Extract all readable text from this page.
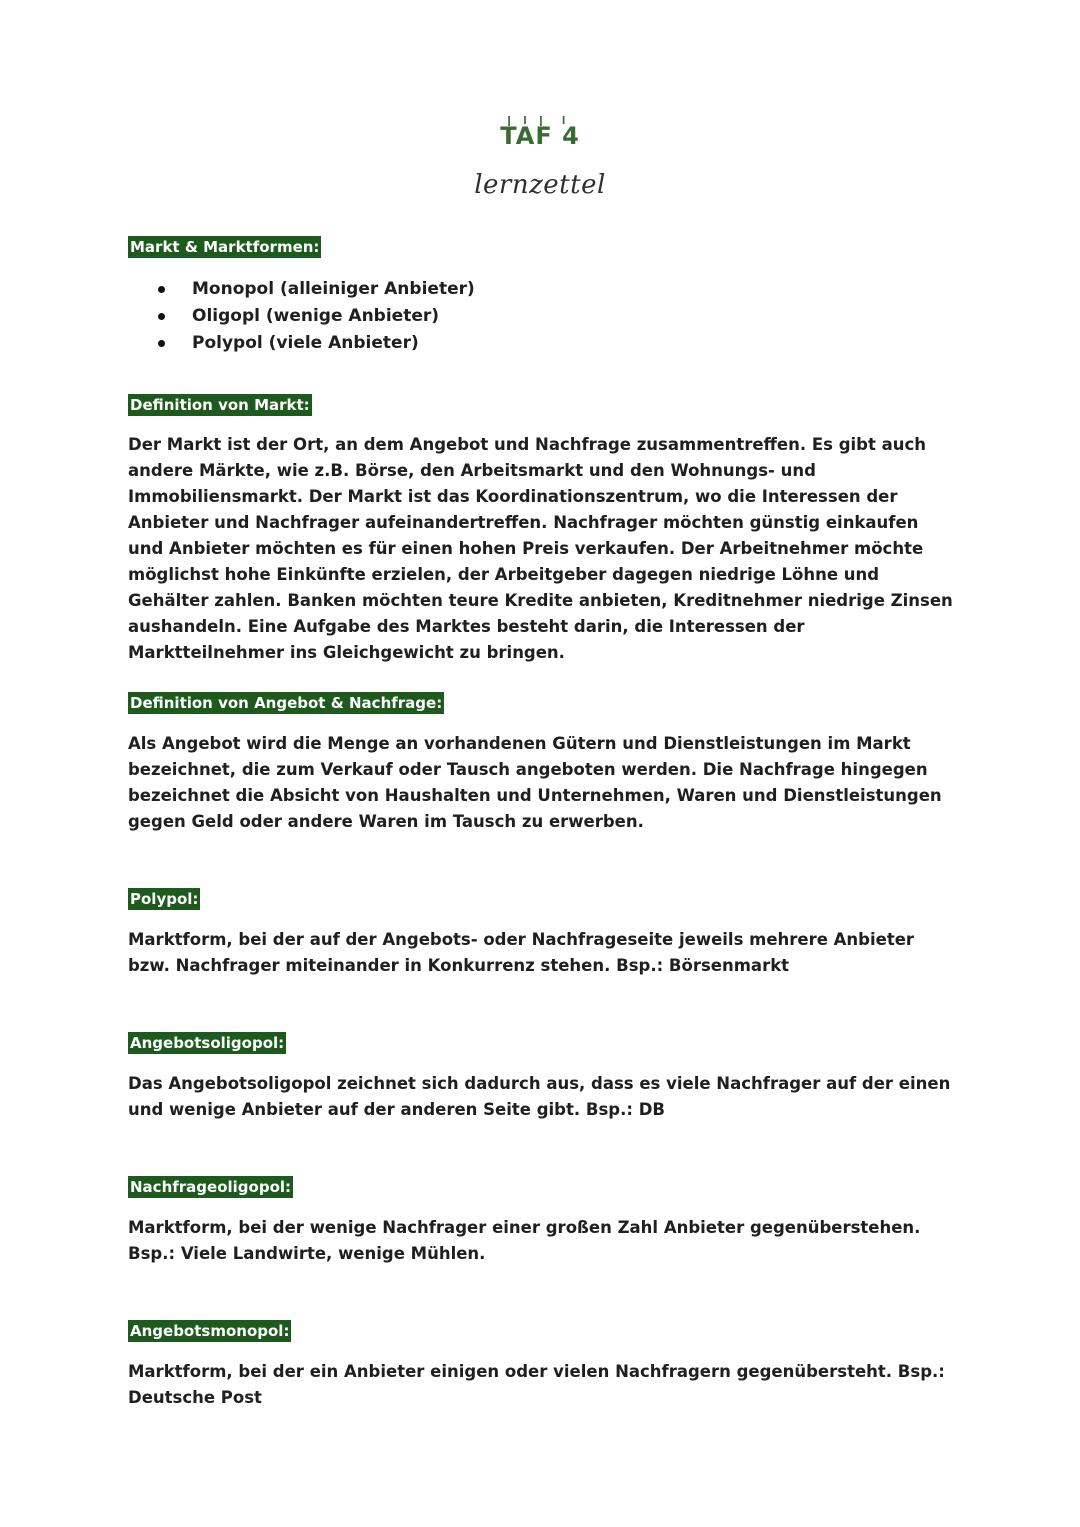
TAF 4
lernzettel
Markt & Marktformen:
Monopol (alleiniger Anbieter)
Oligopl (wenige Anbieter)
Polypol (viele Anbieter)
Definition von Markt:

Der Markt ist der Ort, an dem Angebot und Nachfrage zusammentreffen. Es gibt auch andere Märkte, wie z.B. Börse, den Arbeitsmarkt und den Wohnungs- und Immobiliensmarkt. Der Markt ist das Koordinationszentrum, wo die Interessen der Anbieter und Nachfrager aufeinandertreffen. Nachfrager möchten günstig einkaufen und Anbieter möchten es für einen hohen Preis verkaufen. Der Arbeitnehmer möchte möglichst hohe Einkünfte erzielen, der Arbeitgeber dagegen niedrige Löhne und Gehälter zahlen. Banken möchten teure Kredite anbieten, Kreditnehmer niedrige Zinsen aushandeln. Eine Aufgabe des Marktes besteht darin, die Interessen der Marktteilnehmer ins Gleichgewicht zu bringen.

Definition von Angebot & Nachfrage:

Als Angebot wird die Menge an vorhandenen Gütern und Dienstleistungen im Markt bezeichnet, die zum Verkauf oder Tausch angeboten werden. Die Nachfrage hingegen bezeichnet die Absicht von Haushalten und Unternehmen, Waren und Dienstleistungen gegen Geld oder andere Waren im Tausch zu erwerben.

Polypol:

Marktform, bei der auf der Angebots- oder Nachfrageseite jeweils mehrere Anbieter bzw. Nachfrager miteinander in Konkurrenz stehen. Bsp.: Börsenmarkt

Angebotsoligopol:

Das Angebotsoligopol zeichnet sich dadurch aus, dass es viele Nachfrager auf der einen und wenige Anbieter auf der anderen Seite gibt. Bsp.: DB

Nachfrageoligopol:

Marktform, bei der wenige Nachfrager einer großen Zahl Anbieter gegenüberstehen. Bsp.: Viele Landwirte, wenige Mühlen.

Angebotsmonopol:

Marktform, bei der ein Anbieter einigen oder vielen Nachfragern gegenübersteht. Bsp.: Deutsche Post
